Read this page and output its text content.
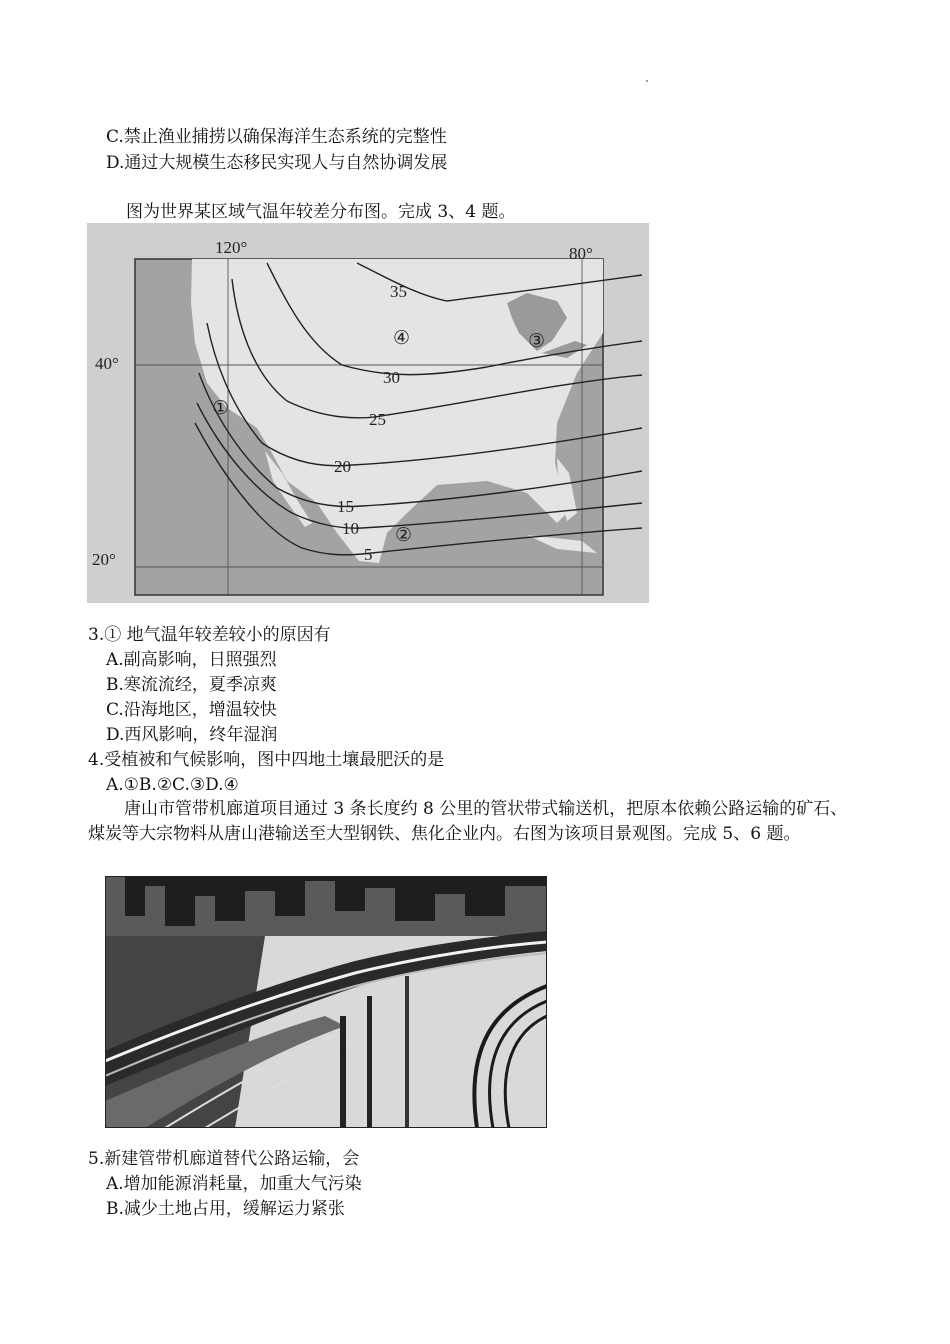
C.禁止渔业捕捞以确保海洋生态系统的完整性
D.通过大规模生态移民实现人与自然协调发展
图为世界某区域气温年较差分布图。完成 3、4 题。
120°	80°
40°
20°
35
30
25
20
15
10
5
①
②
③
④
3.① 地气温年较差较小的原因有
A.副高影响，日照强烈
B.寒流流经，夏季凉爽
C.沿海地区，增温较快
D.西风影响，终年湿润
4.受植被和气候影响，图中四地土壤最肥沃的是
A.①B.②C.③D.④
唐山市管带机廊道项目通过 3 条长度约 8 公里的管状带式输送机，把原本依赖公路运输的矿石、煤炭等大宗物料从唐山港输送至大型钢铁、焦化企业内。右图为该项目景观图。完成 5、6 题。
5.新建管带机廊道替代公路运输，会
A.增加能源消耗量，加重大气污染
B.减少土地占用，缓解运力紧张
